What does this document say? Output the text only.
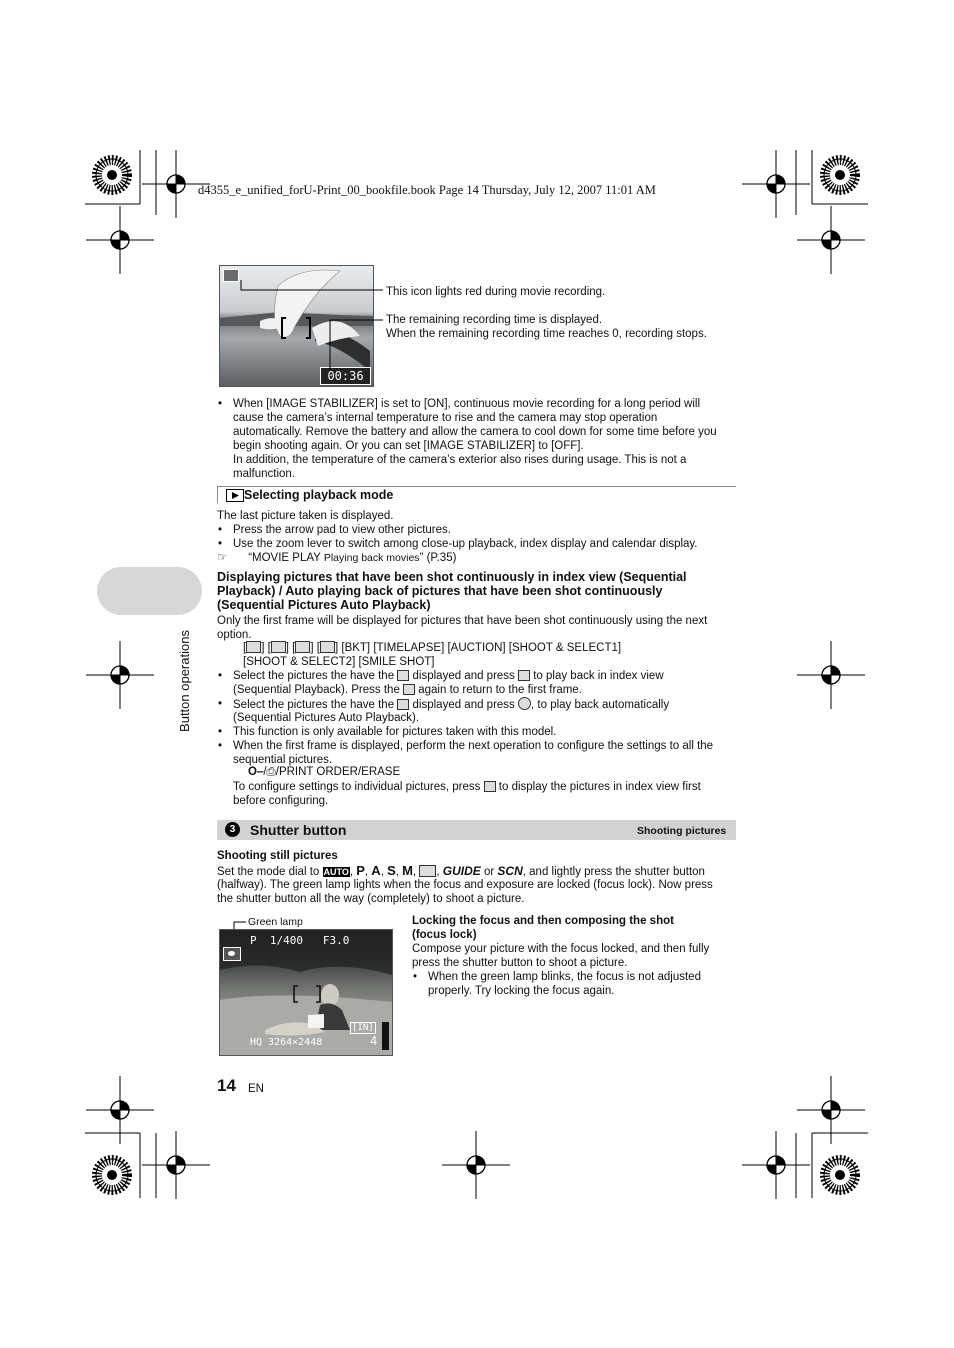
d4355_e_unified_forU-Print_00_bookfile.book Page 14 Thursday, July 12, 2007 11:01 AM
Button operations
00:36
This icon lights red during movie recording.
The remaining recording time is displayed.
When the remaining recording time reaches 0, recording stops.
• When [IMAGE STABILIZER] is set to [ON], continuous movie recording for a long period will
cause the camera’s internal temperature to rise and the camera may stop operation
automatically. Remove the battery and allow the camera to cool down for some time before you
begin shooting again. Or you can set [IMAGE STABILIZER] to [OFF].
In addition, the temperature of the camera’s exterior also rises during usage. This is not a
malfunction.
Selecting playback mode
The last picture taken is displayed.
• Press the arrow pad to view other pictures.
• Use the zoom lever to switch among close-up playback, index display and calendar display.
☞ “MOVIE PLAY Playing back movies” (P.35)
Displaying pictures that have been shot continuously in index view (Sequential
Playback) / Auto playing back of pictures that have been shot continuously
(Sequential Pictures Auto Playback)
Only the first frame will be displayed for pictures that have been shot continuously using the next
option.
[ ] [ ] [ ] [ ] [BKT] [TIMELAPSE] [AUCTION] [SHOOT & SELECT1]
[SHOOT & SELECT2] [SMILE SHOT]
• Select the pictures the have the displayed and press to play back in index view
(Sequential Playback). Press the again to return to the first frame.
• Select the pictures the have the displayed and press , to play back automatically
(Sequential Pictures Auto Playback).
• This function is only available for pictures taken with this model.
• When the first frame is displayed, perform the next operation to configure the settings to all the
sequential pictures.
O‒/⎙/PRINT ORDER/ERASE
To configure settings to individual pictures, press to display the pictures in index view first
before configuring.
3	Shutter button	Shooting pictures
Shooting still pictures
Set the mode dial to AUTO, P, A, S, M, , GUIDE or SCN, and lightly press the shutter button
(halfway). The green lamp lights when the focus and exposure are locked (focus lock). Now press
the shutter button all the way (completely) to shoot a picture.
Green lamp
P  1/400   F3.0
[IN]
HQ 3264×2448	4
Locking the focus and then composing the shot
(focus lock)
Compose your picture with the focus locked, and then fully
press the shutter button to shoot a picture.
• When the green lamp blinks, the focus is not adjusted
properly. Try locking the focus again.
14 EN
